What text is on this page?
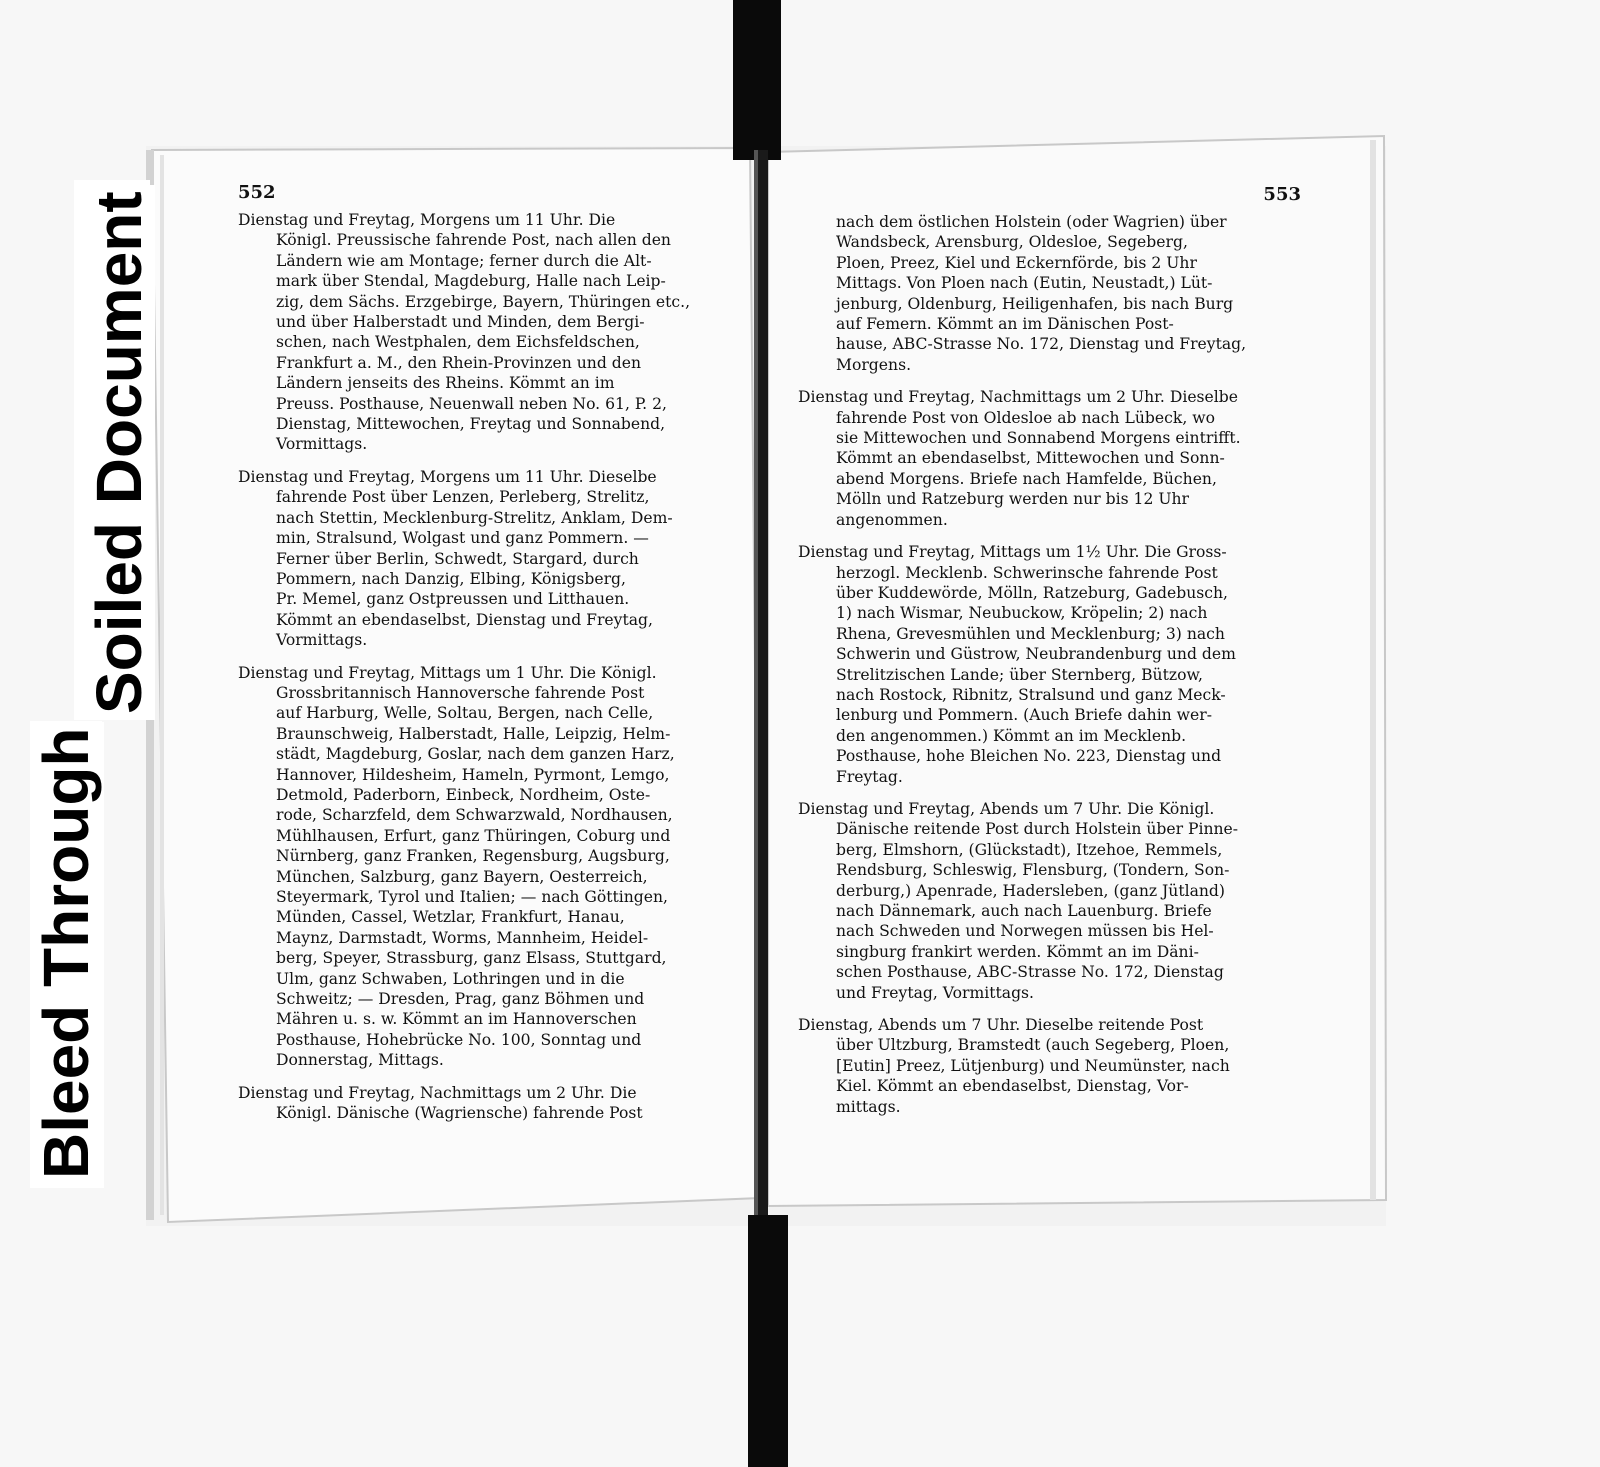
Soiled Document
Bleed Through
552
Dienstag und Freytag, Morgens um 11 Uhr. Die
Königl. Preussische fahrende Post, nach allen den
Ländern wie am Montage; ferner durch die Alt-
mark über Stendal, Magdeburg, Halle nach Leip-
zig, dem Sächs. Erzgebirge, Bayern, Thüringen etc.,
und über Halberstadt und Minden, dem Bergi-
schen, nach Westphalen, dem Eichsfeldschen,
Frankfurt a. M., den Rhein-Provinzen und den
Ländern jenseits des Rheins. Kömmt an im
Preuss. Posthause, Neuenwall neben No. 61, P. 2,
Dienstag, Mittewochen, Freytag und Sonnabend,
Vormittags.
Dienstag und Freytag, Morgens um 11 Uhr. Dieselbe
fahrende Post über Lenzen, Perleberg, Strelitz,
nach Stettin, Mecklenburg-Strelitz, Anklam, Dem-
min, Stralsund, Wolgast und ganz Pommern. —
Ferner über Berlin, Schwedt, Stargard, durch
Pommern, nach Danzig, Elbing, Königsberg,
Pr. Memel, ganz Ostpreussen und Litthauen.
Kömmt an ebendaselbst, Dienstag und Freytag,
Vormittags.
Dienstag und Freytag, Mittags um 1 Uhr. Die Königl.
Grossbritannisch Hannoversche fahrende Post
auf Harburg, Welle, Soltau, Bergen, nach Celle,
Braunschweig, Halberstadt, Halle, Leipzig, Helm-
städt, Magdeburg, Goslar, nach dem ganzen Harz,
Hannover, Hildesheim, Hameln, Pyrmont, Lemgo,
Detmold, Paderborn, Einbeck, Nordheim, Oste-
rode, Scharzfeld, dem Schwarzwald, Nordhausen,
Mühlhausen, Erfurt, ganz Thüringen, Coburg und
Nürnberg, ganz Franken, Regensburg, Augsburg,
München, Salzburg, ganz Bayern, Oesterreich,
Steyermark, Tyrol und Italien; — nach Göttingen,
Münden, Cassel, Wetzlar, Frankfurt, Hanau,
Maynz, Darmstadt, Worms, Mannheim, Heidel-
berg, Speyer, Strassburg, ganz Elsass, Stuttgard,
Ulm, ganz Schwaben, Lothringen und in die
Schweitz; — Dresden, Prag, ganz Böhmen und
Mähren u. s. w. Kömmt an im Hannoverschen
Posthause, Hohebrücke No. 100, Sonntag und
Donnerstag, Mittags.
Dienstag und Freytag, Nachmittags um 2 Uhr. Die
Königl. Dänische (Wagriensche) fahrende Post
553
nach dem östlichen Holstein (oder Wagrien) über
Wandsbeck, Arensburg, Oldesloe, Segeberg,
Ploen, Preez, Kiel und Eckernförde, bis 2 Uhr
Mittags. Von Ploen nach (Eutin, Neustadt,) Lüt-
jenburg, Oldenburg, Heiligenhafen, bis nach Burg
auf Femern. Kömmt an im Dänischen Post-
hause, ABC-Strasse No. 172, Dienstag und Freytag,
Morgens.
Dienstag und Freytag, Nachmittags um 2 Uhr. Dieselbe
fahrende Post von Oldesloe ab nach Lübeck, wo
sie Mittewochen und Sonnabend Morgens eintrifft.
Kömmt an ebendaselbst, Mittewochen und Sonn-
abend Morgens. Briefe nach Hamfelde, Büchen,
Mölln und Ratzeburg werden nur bis 12 Uhr
angenommen.
Dienstag und Freytag, Mittags um 1½ Uhr. Die Gross-
herzogl. Mecklenb. Schwerinsche fahrende Post
über Kuddewörde, Mölln, Ratzeburg, Gadebusch,
1) nach Wismar, Neubuckow, Kröpelin; 2) nach
Rhena, Grevesmühlen und Mecklenburg; 3) nach
Schwerin und Güstrow, Neubrandenburg und dem
Strelitzischen Lande; über Sternberg, Bützow,
nach Rostock, Ribnitz, Stralsund und ganz Meck-
lenburg und Pommern. (Auch Briefe dahin wer-
den angenommen.) Kömmt an im Mecklenb.
Posthause, hohe Bleichen No. 223, Dienstag und
Freytag.
Dienstag und Freytag, Abends um 7 Uhr. Die Königl.
Dänische reitende Post durch Holstein über Pinne-
berg, Elmshorn, (Glückstadt), Itzehoe, Remmels,
Rendsburg, Schleswig, Flensburg, (Tondern, Son-
derburg,) Apenrade, Hadersleben, (ganz Jütland)
nach Dännemark, auch nach Lauenburg. Briefe
nach Schweden und Norwegen müssen bis Hel-
singburg frankirt werden. Kömmt an im Däni-
schen Posthause, ABC-Strasse No. 172, Dienstag
und Freytag, Vormittags.
Dienstag, Abends um 7 Uhr. Dieselbe reitende Post
über Ultzburg, Bramstedt (auch Segeberg, Ploen,
[Eutin] Preez, Lütjenburg) und Neumünster, nach
Kiel. Kömmt an ebendaselbst, Dienstag, Vor-
mittags.
